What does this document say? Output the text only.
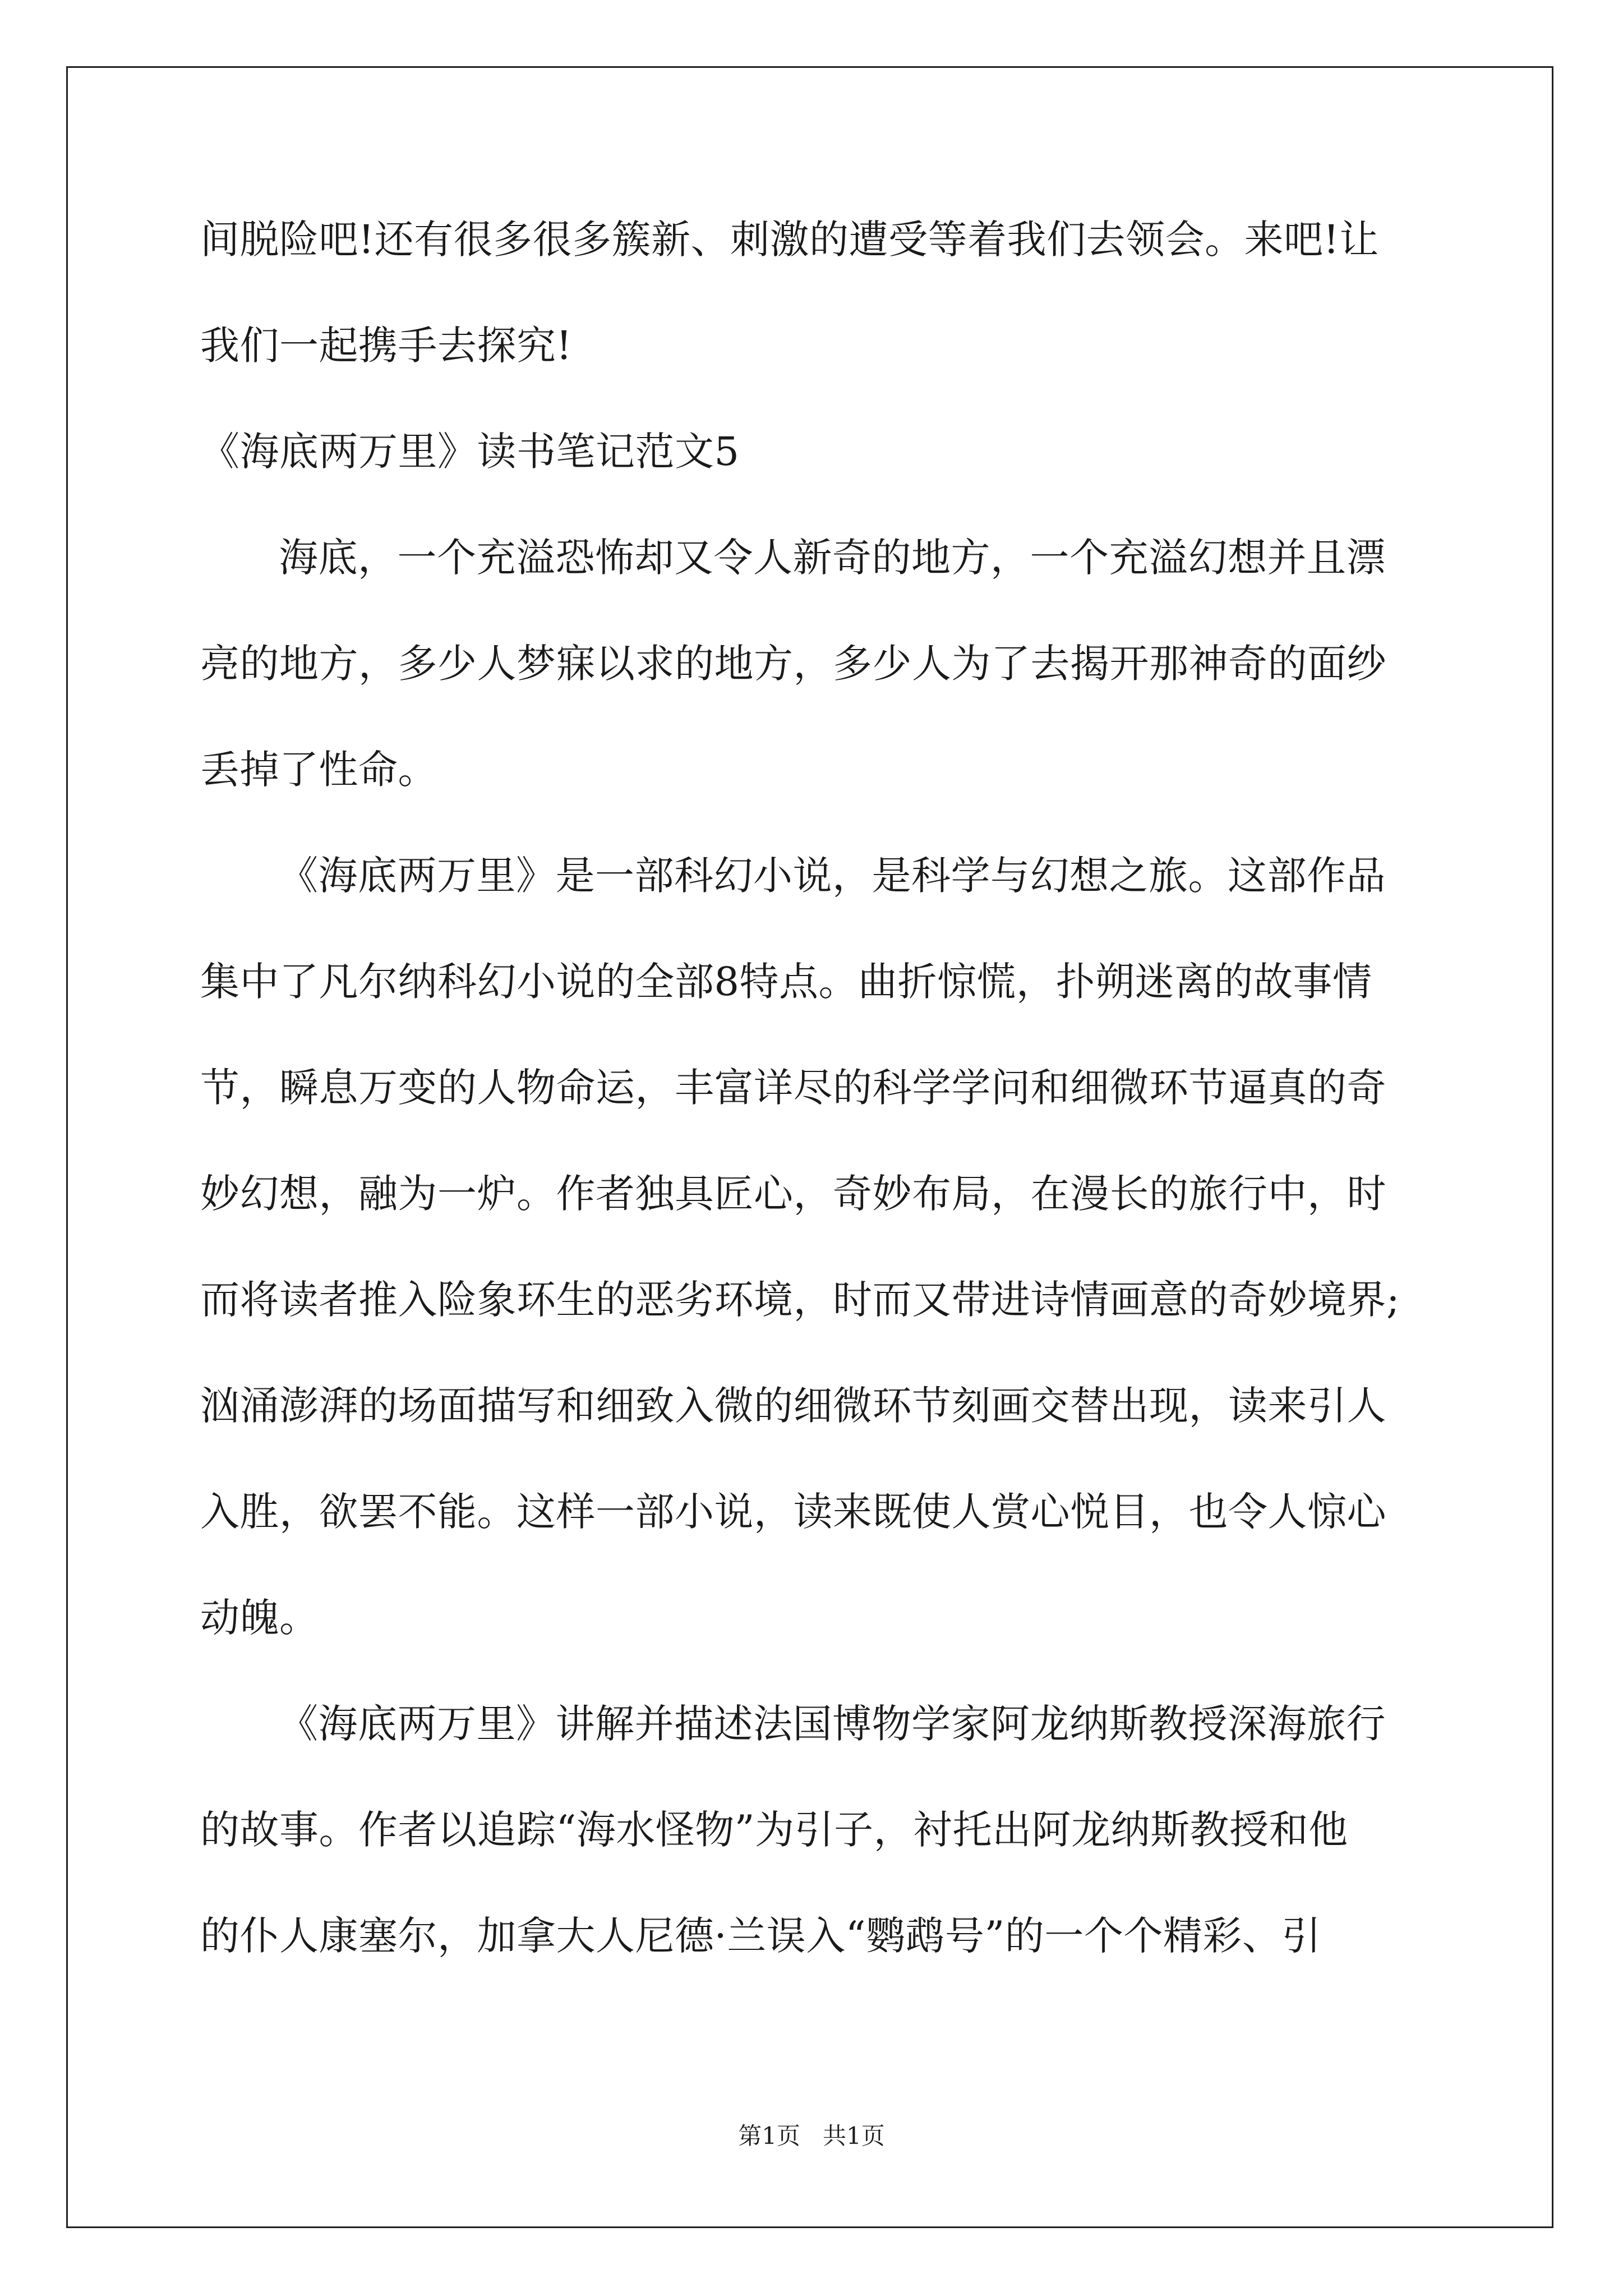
间脱险吧!还有很多很多簇新、刺激的遭受等着我们去领会。来吧!让
我们一起携手去探究!
《海底两万里》读书笔记范文5
海底，一个充溢恐怖却又令人新奇的地方，一个充溢幻想并且漂
亮的地方，多少人梦寐以求的地方，多少人为了去揭开那神奇的面纱
丢掉了性命。
《海底两万里》是一部科幻小说，是科学与幻想之旅。这部作品
集中了凡尔纳科幻小说的全部8特点。曲折惊慌，扑朔迷离的故事情
节，瞬息万变的人物命运，丰富详尽的科学学问和细微环节逼真的奇
妙幻想，融为一炉。作者独具匠心，奇妙布局，在漫长的旅行中，时
而将读者推入险象环生的恶劣环境，时而又带进诗情画意的奇妙境界;
汹涌澎湃的场面描写和细致入微的细微环节刻画交替出现，读来引人
入胜，欲罢不能。这样一部小说，读来既使人赏心悦目，也令人惊心
动魄。
《海底两万里》讲解并描述法国博物学家阿龙纳斯教授深海旅行
的故事。作者以追踪“海水怪物”为引子，衬托出阿龙纳斯教授和他
的仆人康塞尔，加拿大人尼德·兰误入“鹦鹉号”的一个个精彩、引
第1页   共1页
